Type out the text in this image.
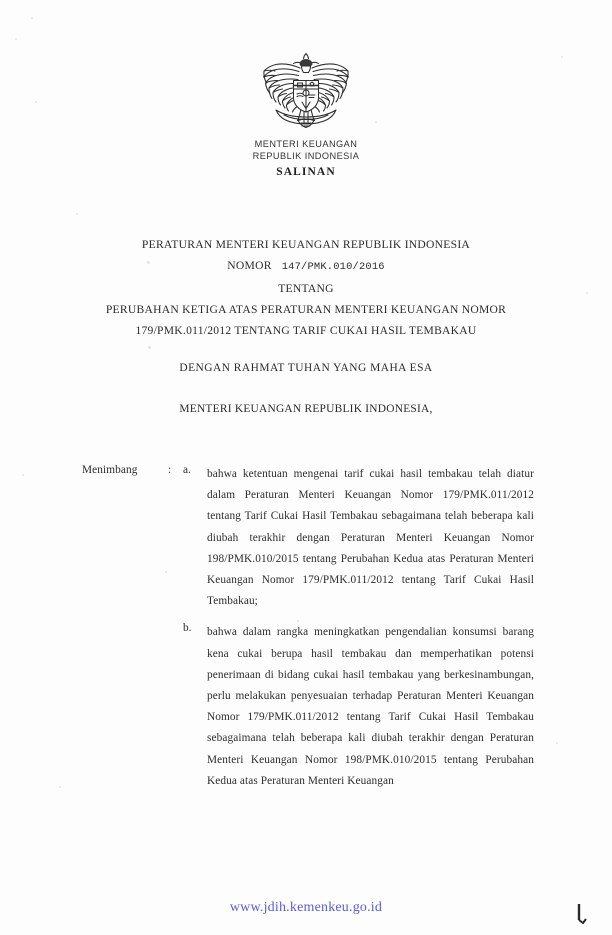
MENTERI KEUANGAN
REPUBLIK INDONESIA
SALINAN
PERATURAN MENTERI KEUANGAN REPUBLIK INDONESIA
NOMOR 147/PMK.010/2016
TENTANG
PERUBAHAN KETIGA ATAS PERATURAN MENTERI KEUANGAN NOMOR
179/PMK.011/2012 TENTANG TARIF CUKAI HASIL TEMBAKAU
DENGAN RAHMAT TUHAN YANG MAHA ESA
MENTERI KEUANGAN REPUBLIK INDONESIA,
Menimbang	: a. bahwa ketentuan mengenai tarif cukai hasil tembakau telah diatur dalam Peraturan Menteri Keuangan Nomor 179/PMK.011/2012 tentang Tarif Cukai Hasil Tembakau sebagaimana telah beberapa kali diubah terakhir dengan Peraturan Menteri Keuangan Nomor 198/PMK.010/2015 tentang Perubahan Kedua atas Peraturan Menteri Keuangan Nomor 179/PMK.011/2012 tentang Tarif Cukai Hasil Tembakau;
b. bahwa dalam rangka meningkatkan pengendalian konsumsi barang kena cukai berupa hasil tembakau dan memperhatikan potensi penerimaan di bidang cukai hasil tembakau yang berkesinambungan, perlu melakukan penyesuaian terhadap Peraturan Menteri Keuangan Nomor 179/PMK.011/2012 tentang Tarif Cukai Hasil Tembakau sebagaimana telah beberapa kali diubah terakhir dengan Peraturan Menteri Keuangan Nomor 198/PMK.010/2015 tentang Perubahan Kedua atas Peraturan Menteri Keuangan
www.jdih.kemenkeu.go.id
